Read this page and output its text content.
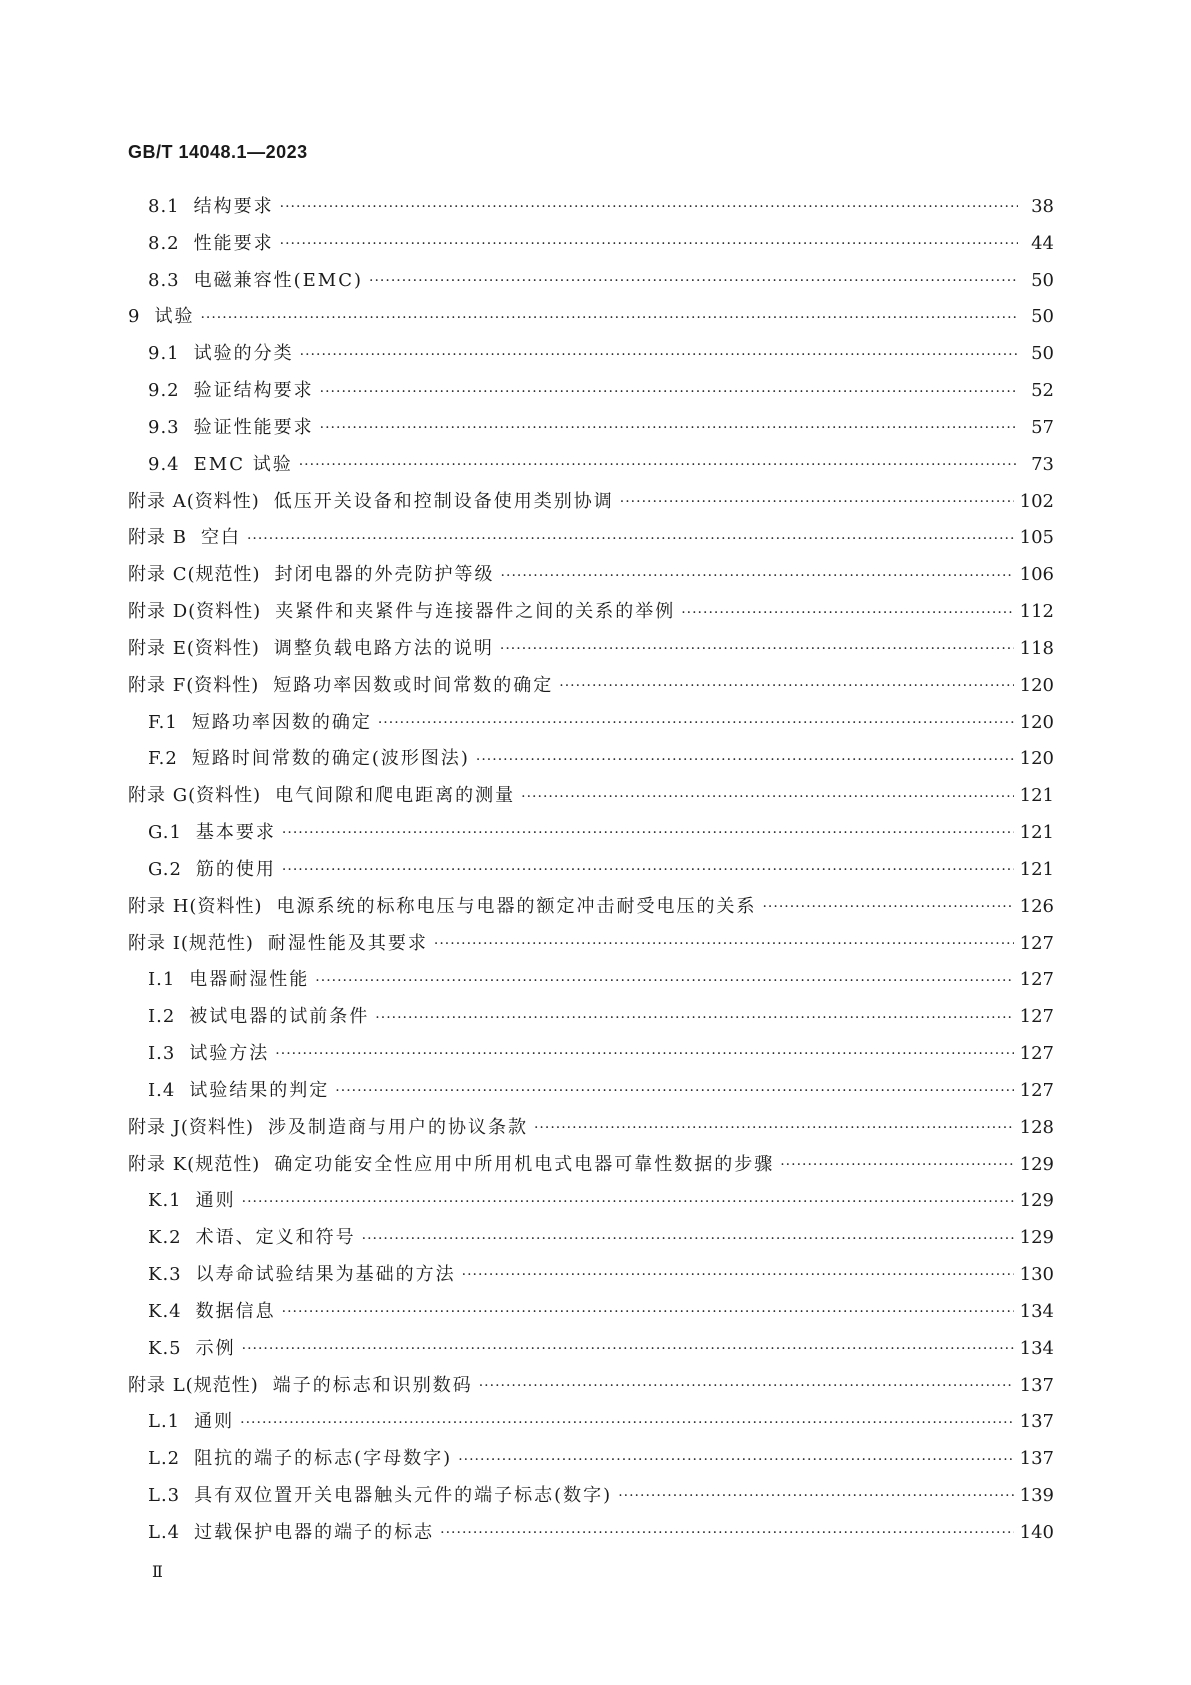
GB/T 14048.1—2023
8.1 结构要求 ·····	38
8.2 性能要求 ·····	44
8.3 电磁兼容性(EMC) ·····	50
9 试验 ·····	50
9.1 试验的分类 ·····	50
9.2 验证结构要求 ·····	52
9.3 验证性能要求 ·····	57
9.4 EMC 试验 ·····	73
附录 A(资料性) 低压开关设备和控制设备使用类别协调 ·····	102
附录 B 空白 ·····	105
附录 C(规范性) 封闭电器的外壳防护等级 ·····	106
附录 D(资料性) 夹紧件和夹紧件与连接器件之间的关系的举例 ·····	112
附录 E(资料性) 调整负载电路方法的说明 ·····	118
附录 F(资料性) 短路功率因数或时间常数的确定 ·····	120
F.1 短路功率因数的确定 ·····	120
F.2 短路时间常数的确定(波形图法) ·····	120
附录 G(资料性) 电气间隙和爬电距离的测量 ·····	121
G.1 基本要求 ·····	121
G.2 筋的使用 ·····	121
附录 H(资料性) 电源系统的标称电压与电器的额定冲击耐受电压的关系 ·····	126
附录 I(规范性) 耐湿性能及其要求 ·····	127
I.1 电器耐湿性能 ·····	127
I.2 被试电器的试前条件 ·····	127
I.3 试验方法 ·····	127
I.4 试验结果的判定 ·····	127
附录 J(资料性) 涉及制造商与用户的协议条款 ·····	128
附录 K(规范性) 确定功能安全性应用中所用机电式电器可靠性数据的步骤 ·····	129
K.1 通则 ·····	129
K.2 术语、定义和符号 ·····	129
K.3 以寿命试验结果为基础的方法 ·····	130
K.4 数据信息 ·····	134
K.5 示例 ·····	134
附录 L(规范性) 端子的标志和识别数码 ·····	137
L.1 通则 ·····	137
L.2 阻抗的端子的标志(字母数字) ·····	137
L.3 具有双位置开关电器触头元件的端子标志(数字) ·····	139
L.4 过载保护电器的端子的标志 ·····	140
Ⅱ
